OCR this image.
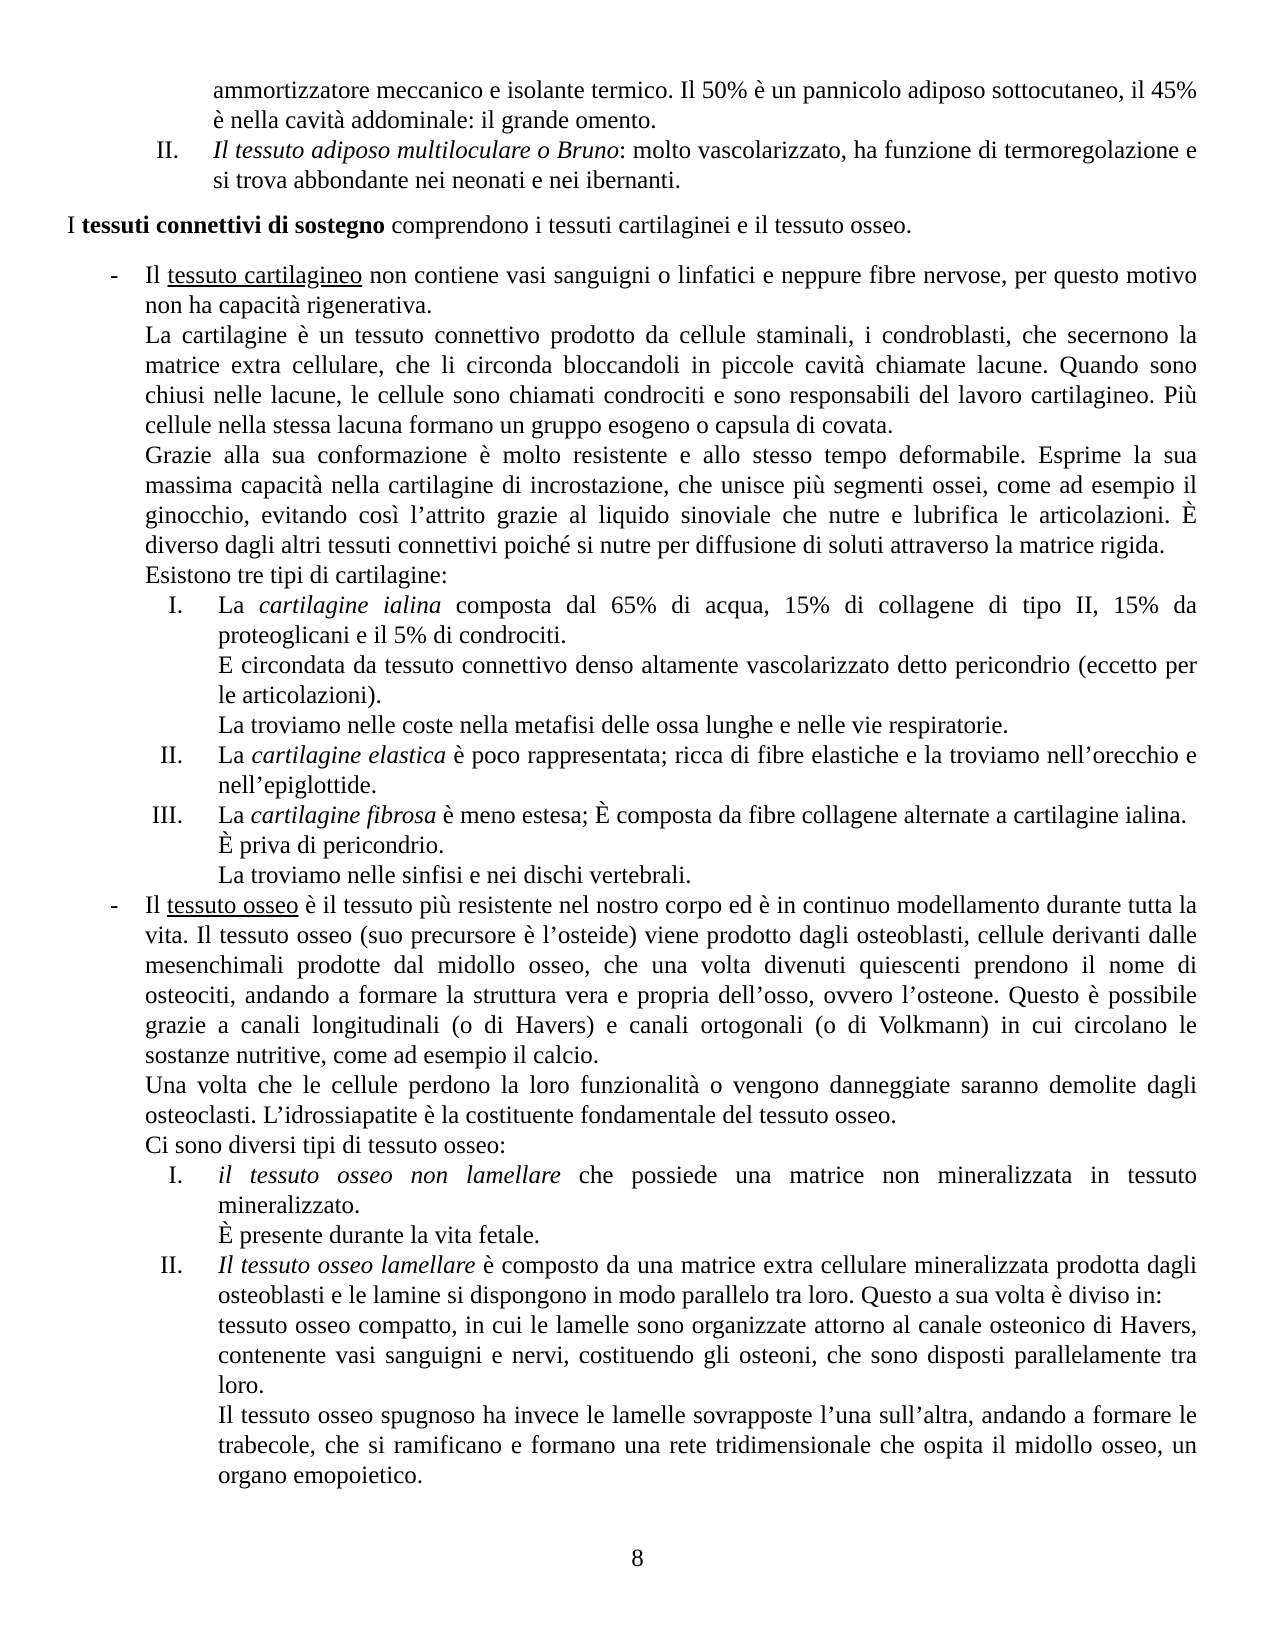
ammortizzatore meccanico e isolante termico. Il 50% è un pannicolo adiposo sottocutaneo, il 45% è nella cavità addominale: il grande omento.
II. Il tessuto adiposo multiloculare o Bruno: molto vascolarizzato, ha funzione di termoregolazione e si trova abbondante nei neonati e nei ibernanti.
I tessuti connettivi di sostegno comprendono i tessuti cartilaginei e il tessuto osseo.
- Il tessuto cartilagineo non contiene vasi sanguigni o linfatici e neppure fibre nervose, per questo motivo non ha capacità rigenerativa.
La cartilagine è un tessuto connettivo prodotto da cellule staminali, i condroblasti, che secernono la matrice extra cellulare, che li circonda bloccandoli in piccole cavità chiamate lacune. Quando sono chiusi nelle lacune, le cellule sono chiamati condrociti e sono responsabili del lavoro cartilagineo. Più cellule nella stessa lacuna formano un gruppo esogeno o capsula di covata.
Grazie alla sua conformazione è molto resistente e allo stesso tempo deformabile. Esprime la sua massima capacità nella cartilagine di incrostazione, che unisce più segmenti ossei, come ad esempio il ginocchio, evitando così l’attrito grazie al liquido sinoviale che nutre e lubrifica le articolazioni. È diverso dagli altri tessuti connettivi poiché si nutre per diffusione di soluti attraverso la matrice rigida.
Esistono tre tipi di cartilagine:
I. La cartilagine ialina composta dal 65% di acqua, 15% di collagene di tipo II, 15% da proteoglicani e il 5% di condrociti.
E circondata da tessuto connettivo denso altamente vascolarizzato detto pericondrio (eccetto per le articolazioni).
La troviamo nelle coste nella metafisi delle ossa lunghe e nelle vie respiratorie.
II. La cartilagine elastica è poco rappresentata; ricca di fibre elastiche e la troviamo nell’orecchio e nell’epiglottide.
III. La cartilagine fibrosa è meno estesa; È composta da fibre collagene alternate a cartilagine ialina.
È priva di pericondrio.
La troviamo nelle sinfisi e nei dischi vertebrali.
- Il tessuto osseo è il tessuto più resistente nel nostro corpo ed è in continuo modellamento durante tutta la vita. Il tessuto osseo (suo precursore è l’osteide) viene prodotto dagli osteoblasti, cellule derivanti dalle mesenchimali prodotte dal midollo osseo, che una volta divenuti quiescenti prendono il nome di osteociti, andando a formare la struttura vera e propria dell’osso, ovvero l’osteone. Questo è possibile grazie a canali longitudinali (o di Havers) e canali ortogonali (o di Volkmann) in cui circolano le sostanze nutritive, come ad esempio il calcio.
Una volta che le cellule perdono la loro funzionalità o vengono danneggiate saranno demolite dagli osteoclasti. L’idrossiapatite è la costituente fondamentale del tessuto osseo.
Ci sono diversi tipi di tessuto osseo:
I. il tessuto osseo non lamellare che possiede una matrice non mineralizzata in tessuto mineralizzato.
È presente durante la vita fetale.
II. Il tessuto osseo lamellare è composto da una matrice extra cellulare mineralizzata prodotta dagli osteoblasti e le lamine si dispongono in modo parallelo tra loro. Questo a sua volta è diviso in:
tessuto osseo compatto, in cui le lamelle sono organizzate attorno al canale osteonico di Havers, contenente vasi sanguigni e nervi, costituendo gli osteoni, che sono disposti parallelamente tra loro.
Il tessuto osseo spugnoso ha invece le lamelle sovrapposte l’una sull’altra, andando a formare le trabecole, che si ramificano e formano una rete tridimensionale che ospita il midollo osseo, un organo emopoietico.
8
